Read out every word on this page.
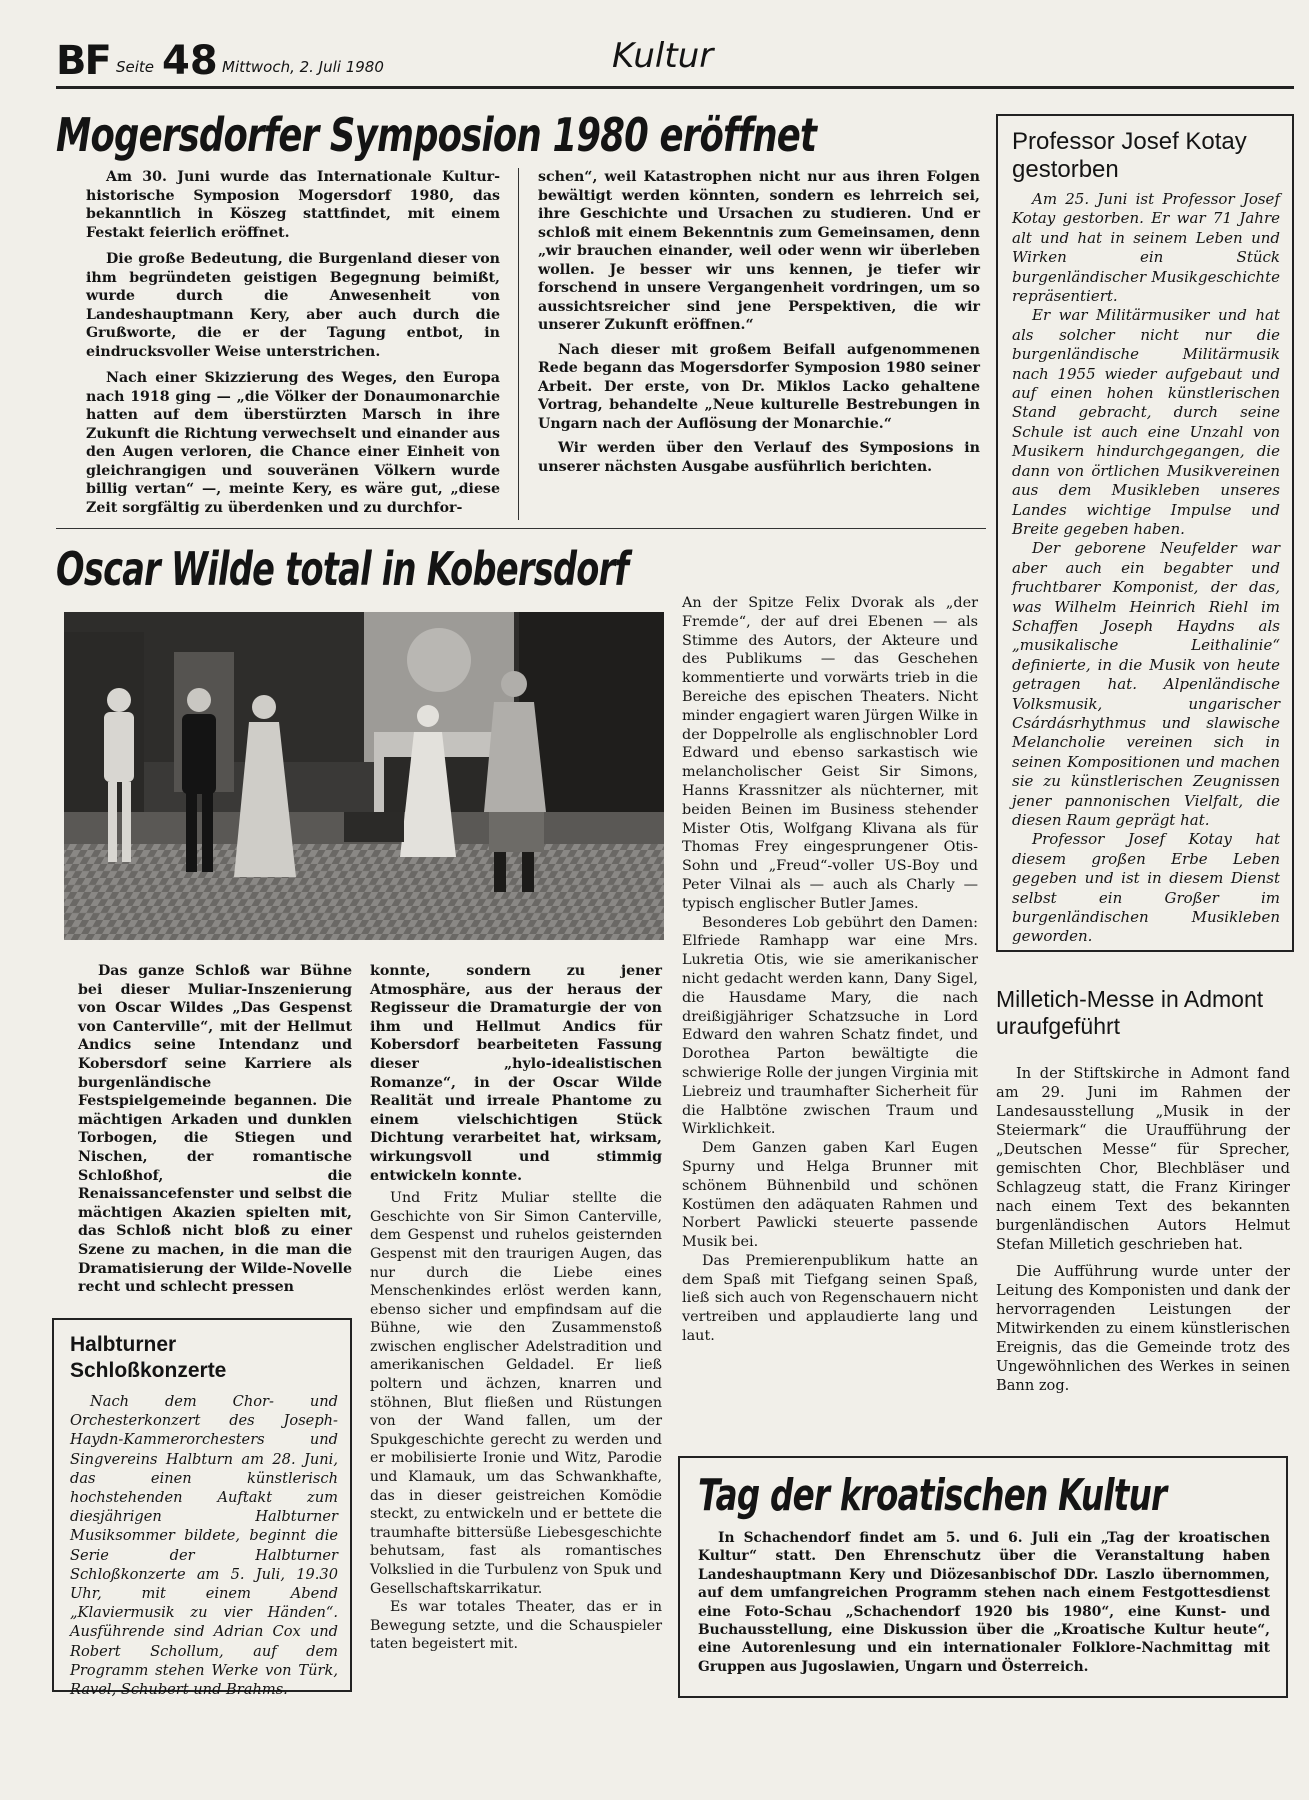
BF Seite 48 Mittwoch, 2. Juli 1980	Kultur
Mogersdorfer Symposion 1980 eröffnet

Am 30. Juni wurde das Internationale Kultur-historische Symposion Mogersdorf 1980, das bekanntlich in Köszeg stattfindet, mit einem Festakt feierlich eröffnet.

Die große Bedeutung, die Burgenland dieser von ihm begründeten geistigen Begegnung beimißt, wurde durch die Anwesenheit von Landeshauptmann Kery, aber auch durch die Grußworte, die er der Tagung entbot, in eindrucksvoller Weise unterstrichen.

Nach einer Skizzierung des Weges, den Europa nach 1918 ging — „die Völker der Donaumonarchie hatten auf dem überstürzten Marsch in ihre Zukunft die Richtung verwechselt und einander aus den Augen verloren, die Chance einer Einheit von gleichrangigen und souveränen Völkern wurde billig vertan“ —, meinte Kery, es wäre gut, „diese Zeit sorgfältig zu überdenken und zu durchfor-

schen“, weil Katastrophen nicht nur aus ihren Folgen bewältigt werden könnten, sondern es lehrreich sei, ihre Geschichte und Ursachen zu studieren. Und er schloß mit einem Bekenntnis zum Gemeinsamen, denn „wir brauchen einander, weil oder wenn wir überleben wollen. Je besser wir uns kennen, je tiefer wir forschend in unsere Vergangenheit vordringen, um so aussichtsreicher sind jene Perspektiven, die wir unserer Zukunft eröffnen.“

Nach dieser mit großem Beifall aufgenommenen Rede begann das Mogersdorfer Symposion 1980 seiner Arbeit. Der erste, von Dr. Miklos Lacko gehaltene Vortrag, behandelte „Neue kulturelle Bestrebungen in Ungarn nach der Auflösung der Monarchie.“

Wir werden über den Verlauf des Symposions in unserer nächsten Ausgabe ausführlich berichten.

Professor Josef Kotay gestorben

Am 25. Juni ist Professor Josef Kotay gestorben. Er war 71 Jahre alt und hat in seinem Leben und Wirken ein Stück burgenländischer Musikgeschichte repräsentiert.

Er war Militärmusiker und hat als solcher nicht nur die burgenländische Militärmusik nach 1955 wieder aufgebaut und auf einen hohen künstlerischen Stand gebracht, durch seine Schule ist auch eine Unzahl von Musikern hindurchgegangen, die dann von örtlichen Musikvereinen aus dem Musikleben unseres Landes wichtige Impulse und Breite gegeben haben.

Der geborene Neufelder war aber auch ein begabter und fruchtbarer Komponist, der das, was Wilhelm Heinrich Riehl im Schaffen Joseph Haydns als „musikalische Leithalinie“ definierte, in die Musik von heute getragen hat. Alpenländische Volksmusik, ungarischer Csárdásrhythmus und slawische Melancholie vereinen sich in seinen Kompositionen und machen sie zu künstlerischen Zeugnissen jener pannonischen Vielfalt, die diesen Raum geprägt hat.

Professor Josef Kotay hat diesem großen Erbe Leben gegeben und ist in diesem Dienst selbst ein Großer im burgenländischen Musikleben geworden.

Oscar Wilde total in Kobersdorf

Das ganze Schloß war Bühne bei dieser Muliar-Inszenierung von Oscar Wildes „Das Gespenst von Canterville“, mit der Hellmut Andics seine Intendanz und Kobersdorf seine Karriere als burgenländische Festspielgemeinde begannen. Die mächtigen Arkaden und dunklen Torbogen, die Stiegen und Nischen, der romantische Schloßhof, die Renaissancefenster und selbst die mächtigen Akazien spielten mit, das Schloß nicht bloß zu einer Szene zu machen, in die man die Dramatisierung der Wilde-Novelle recht und schlecht pressen

konnte, sondern zu jener Atmosphäre, aus der heraus der Regisseur die Dramaturgie der von ihm und Hellmut Andics für Kobersdorf bearbeiteten Fassung dieser „hylo-idealistischen Romanze“, in der Oscar Wilde Realität und irreale Phantome zu einem vielschichtigen Stück Dichtung verarbeitet hat, wirksam, wirkungsvoll und stimmig entwickeln konnte.

Und Fritz Muliar stellte die Geschichte von Sir Simon Canterville, dem Gespenst und ruhelos geisternden Gespenst mit den traurigen Augen, das nur durch die Liebe eines Menschenkindes erlöst werden kann, ebenso sicher und empfindsam auf die Bühne, wie den Zusammenstoß zwischen englischer Adelstradition und amerikanischen Geldadel. Er ließ poltern und ächzen, knarren und stöhnen, Blut fließen und Rüstungen von der Wand fallen, um der Spukgeschichte gerecht zu werden und er mobilisierte Ironie und Witz, Parodie und Klamauk, um das Schwankhafte, das in dieser geistreichen Komödie steckt, zu entwickeln und er bettete die traumhafte bittersüße Liebesgeschichte behutsam, fast als romantisches Volkslied in die Turbulenz von Spuk und Gesellschaftskarrikatur.

Es war totales Theater, das er in Bewegung setzte, und die Schauspieler taten begeistert mit.

An der Spitze Felix Dvorak als „der Fremde“, der auf drei Ebenen — als Stimme des Autors, der Akteure und des Publikums — das Geschehen kommentierte und vorwärts trieb in die Bereiche des epischen Theaters. Nicht minder engagiert waren Jürgen Wilke in der Doppelrolle als englischnobler Lord Edward und ebenso sarkastisch wie melancholischer Geist Sir Simons, Hanns Krassnitzer als nüchterner, mit beiden Beinen im Business stehender Mister Otis, Wolfgang Klivana als für Thomas Frey eingesprungener Otis-Sohn und „Freud“-voller US-Boy und Peter Vilnai als — auch als Charly — typisch englischer Butler James.

Besonderes Lob gebührt den Damen: Elfriede Ramhapp war eine Mrs. Lukretia Otis, wie sie amerikanischer nicht gedacht werden kann, Dany Sigel, die Hausdame Mary, die nach dreißigjähriger Schatzsuche in Lord Edward den wahren Schatz findet, und Dorothea Parton bewältigte die schwierige Rolle der jungen Virginia mit Liebreiz und traumhafter Sicherheit für die Halbtöne zwischen Traum und Wirklichkeit.

Dem Ganzen gaben Karl Eugen Spurny und Helga Brunner mit schönem Bühnenbild und schönen Kostümen den adäquaten Rahmen und Norbert Pawlicki steuerte passende Musik bei.

Das Premierenpublikum hatte an dem Spaß mit Tiefgang seinen Spaß, ließ sich auch von Regenschauern nicht vertreiben und applaudierte lang und laut.

Halbturner Schloßkonzerte

Nach dem Chor- und Orchesterkonzert des Joseph-Haydn-Kammerorchesters und Singvereins Halbturn am 28. Juni, das einen künstlerisch hochstehenden Auftakt zum diesjährigen Halbturner Musiksommer bildete, beginnt die Serie der Halbturner Schloßkonzerte am 5. Juli, 19.30 Uhr, mit einem Abend „Klaviermusik zu vier Händen“. Ausführende sind Adrian Cox und Robert Schollum, auf dem Programm stehen Werke von Türk, Ravel, Schubert und Brahms.

Milletich-Messe in Admont uraufgeführt

In der Stiftskirche in Admont fand am 29. Juni im Rahmen der Landesausstellung „Musik in der Steiermark“ die Uraufführung der „Deutschen Messe“ für Sprecher, gemischten Chor, Blechbläser und Schlagzeug statt, die Franz Kiringer nach einem Text des bekannten burgenländischen Autors Helmut Stefan Milletich geschrieben hat.

Die Aufführung wurde unter der Leitung des Komponisten und dank der hervorragenden Leistungen der Mitwirkenden zu einem künstlerischen Ereignis, das die Gemeinde trotz des Ungewöhnlichen des Werkes in seinen Bann zog.

Tag der kroatischen Kultur

In Schachendorf findet am 5. und 6. Juli ein „Tag der kroatischen Kultur“ statt. Den Ehrenschutz über die Veranstaltung haben Landeshauptmann Kery und Diözesanbischof DDr. Laszlo übernommen, auf dem umfangreichen Programm stehen nach einem Festgottesdienst eine Foto-Schau „Schachendorf 1920 bis 1980“, eine Kunst- und Buchausstellung, eine Diskussion über die „Kroatische Kultur heute“, eine Autorenlesung und ein internationaler Folklore-Nachmittag mit Gruppen aus Jugoslawien, Ungarn und Österreich.
